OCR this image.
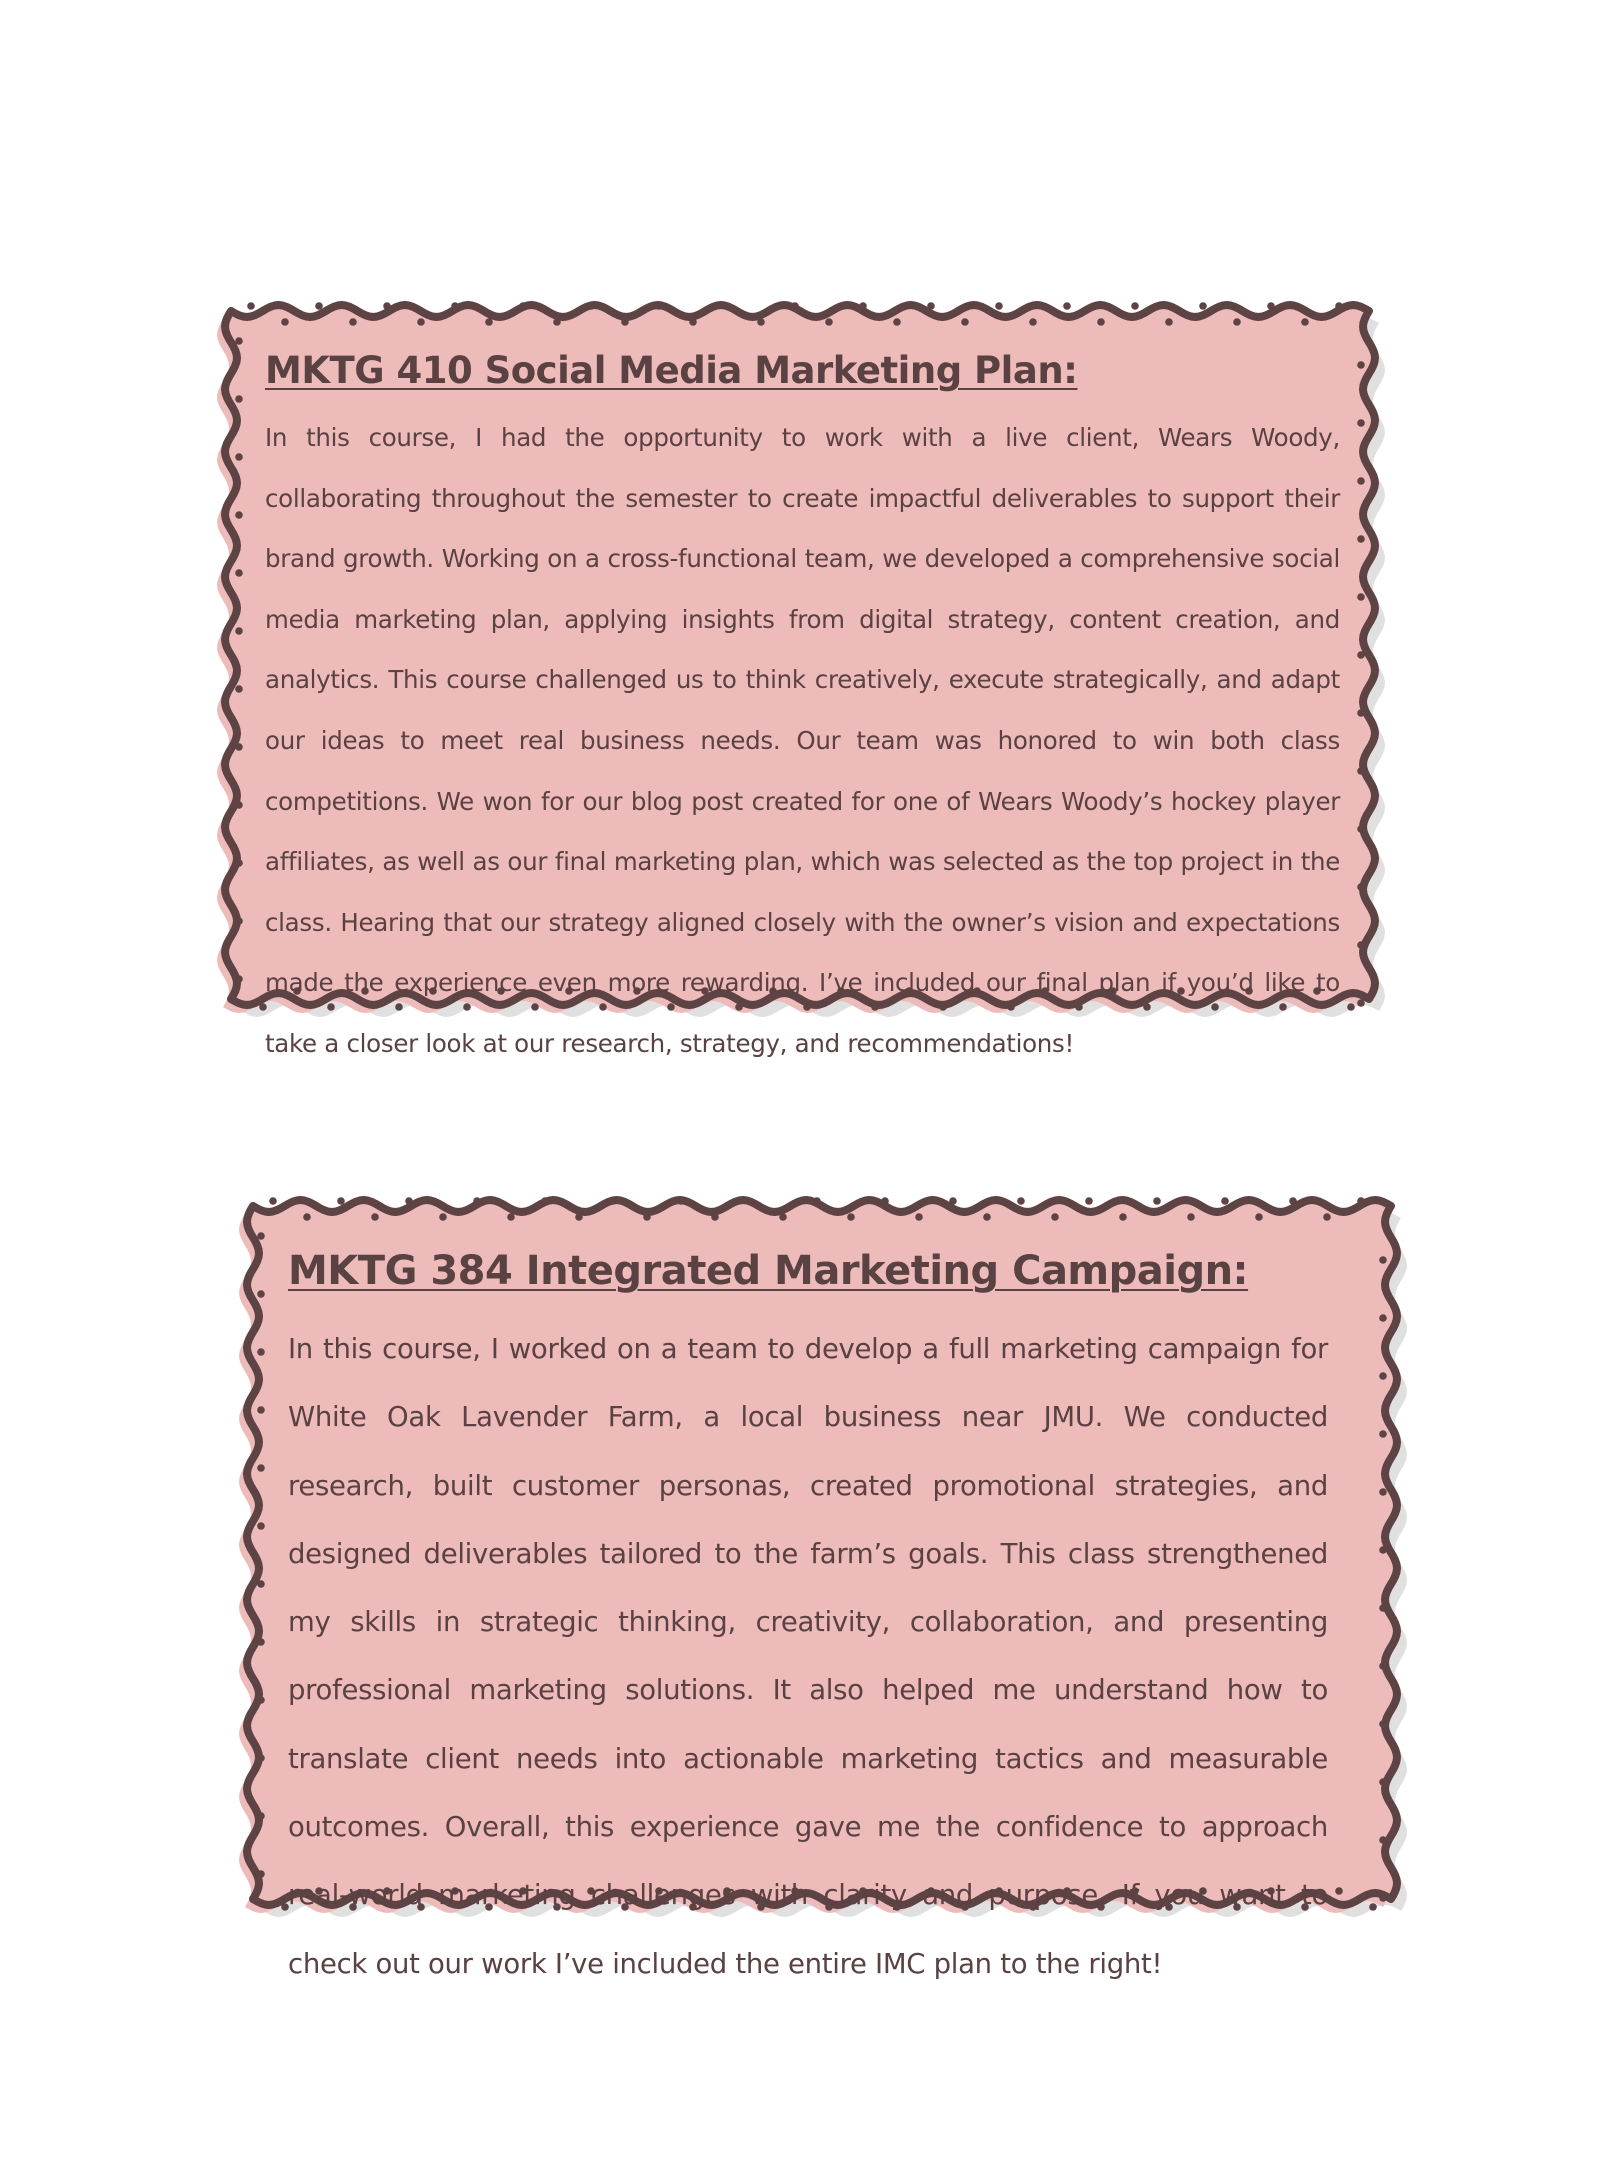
MKTG 410 Social Media Marketing Plan:

In this course, I had the opportunity to work with a live client, Wears Woody, collaborating throughout the semester to create impactful deliverables to support their brand growth. Working on a cross-functional team, we developed a comprehensive social media marketing plan, applying insights from digital strategy, content creation, and analytics. This course challenged us to think creatively, execute strategically, and adapt our ideas to meet real business needs. Our team was honored to win both class competitions. We won for our blog post created for one of Wears Woody’s hockey player affiliates, as well as our final marketing plan, which was selected as the top project in the class. Hearing that our strategy aligned closely with the owner’s vision and expectations made the experience even more rewarding. I’ve included our final plan if you’d like to take a closer look at our research, strategy, and recommendations!

MKTG 384 Integrated Marketing Campaign:

In this course, I worked on a team to develop a full marketing campaign for White Oak Lavender Farm, a local business near JMU. We conducted research, built customer personas, created promotional strategies, and designed deliverables tailored to the farm’s goals. This class strengthened my skills in strategic thinking, creativity, collaboration, and presenting professional marketing solutions. It also helped me understand how to translate client needs into actionable marketing tactics and measurable outcomes. Overall, this experience gave me the confidence to approach real-world marketing challenges with clarity and purpose. If you want to check out our work I’ve included the entire IMC plan to the right!
